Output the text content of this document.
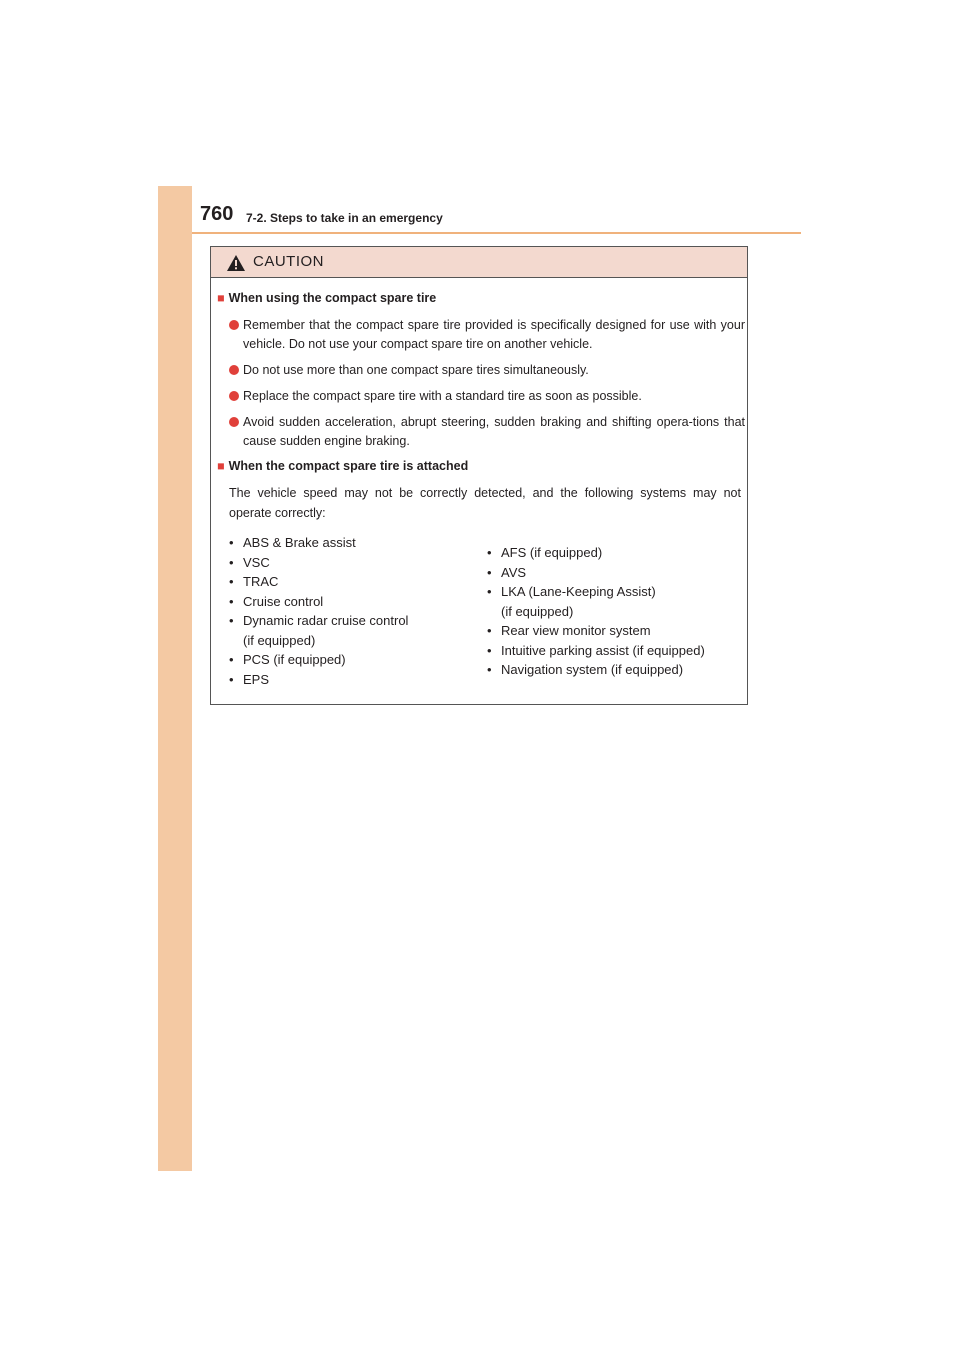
760 7-2. Steps to take in an emergency
CAUTION
■ When using the compact spare tire
Remember that the compact spare tire provided is specifically designed for use with your vehicle. Do not use your compact spare tire on another vehicle.
Do not use more than one compact spare tires simultaneously.
Replace the compact spare tire with a standard tire as soon as possible.
Avoid sudden acceleration, abrupt steering, sudden braking and shifting opera-tions that cause sudden engine braking.
■ When the compact spare tire is attached
The vehicle speed may not be correctly detected, and the following systems may not operate correctly:
• ABS & Brake assist
• VSC
• TRAC
• Cruise control
• Dynamic radar cruise control
(if equipped)
• PCS (if equipped)
• EPS
• AFS (if equipped)
• AVS
• LKA (Lane-Keeping Assist)
(if equipped)
• Rear view monitor system
• Intuitive parking assist (if equipped)
• Navigation system (if equipped)
